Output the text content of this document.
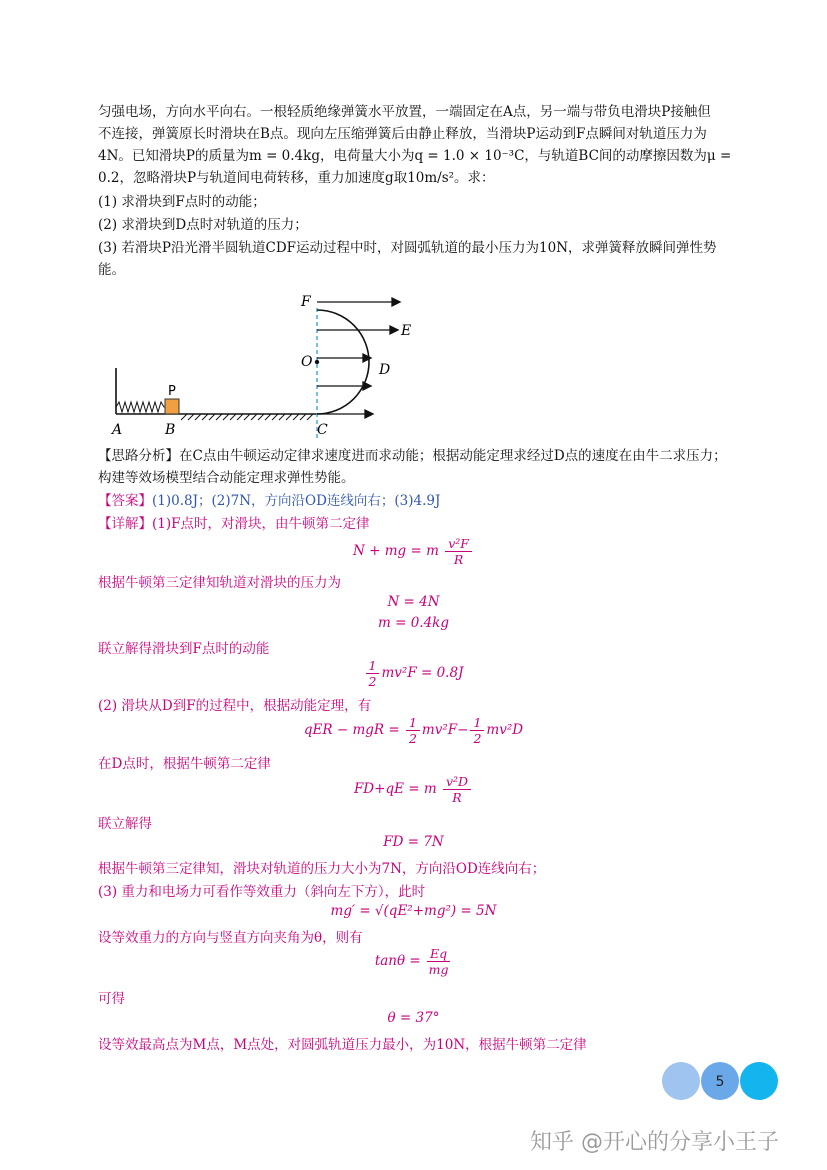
匀强电场，方向水平向右。一根轻质绝缘弹簧水平放置，一端固定在A点，另一端与带负电滑块P接触但
不连接，弹簧原长时滑块在B点。现向左压缩弹簧后由静止释放，当滑块P运动到F点瞬间对轨道压力为
4N。已知滑块P的质量为m = 0.4kg，电荷量大小为q = 1.0 × 10⁻³C，与轨道BC间的动摩擦因数为μ =
0.2，忽略滑块P与轨道间电荷转移，重力加速度g取10m/s²。求：
(1) 求滑块到F点时的动能；
(2) 求滑块到D点时对轨道的压力；
(3) 若滑块P沿光滑半圆轨道CDF运动过程中时，对圆弧轨道的最小压力为10N，求弹簧释放瞬间弹性势
能。
F
E
O	D
P
A	B	C
【思路分析】在C点由牛顿运动定律求速度进而求动能；根据动能定理求经过D点的速度在由牛二求压力；
构建等效场模型结合动能定理求弹性势能。
【答案】(1)0.8J；(2)7N，方向沿OD连线向右；(3)4.9J
【详解】(1)F点时，对滑块，由牛顿第二定律
N + mg = m $\frac{\text{v²F}}{R}$
根据牛顿第三定律知轨道对滑块的压力为
N = 4N
m = 0.4kg
联立解得滑块到F点时的动能
$\frac{1}{2} mv^2F = 0.8J$
(2) 滑块从D到F的过程中，根据动能定理，有
qER − mgR = $\frac{1}{2} mv^2F- \frac{1}{2} mv^2D$
在D点时，根据牛顿第二定律
FD+qE = m $\frac{\text{v²D}}{R}$
联立解得
FD = 7N
根据牛顿第三定律知，滑块对轨道的压力大小为7N，方向沿OD连线向右；
(3) 重力和电场力可看作等效重力（斜向左下方），此时
mg′ = √(qE²+mg²) = 5N
设等效重力的方向与竖直方向夹角为θ，则有
$\tan\theta = \frac{Eq}{mg}$
可得
θ = 37°
设等效最高点为M点，M点处，对圆弧轨道压力最小，为10N，根据牛顿第二定律
5
知乎 @开心的分享小王子
